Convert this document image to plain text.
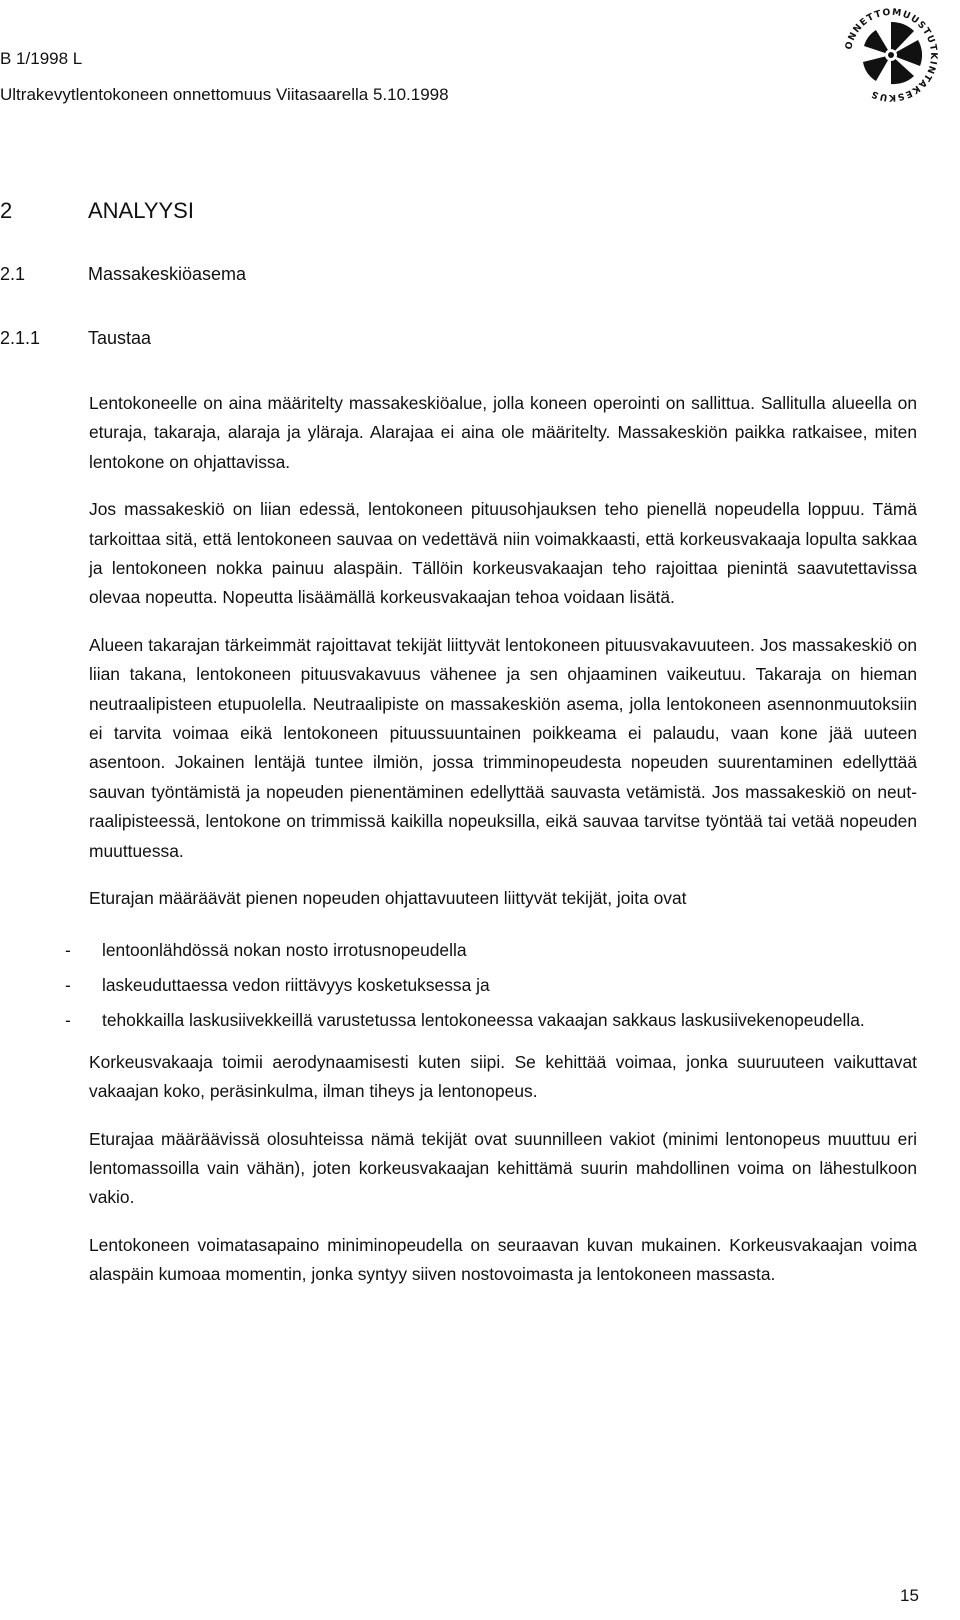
B 1/1998 L
Ultrakevytlentokoneen onnettomuus Viitasaarella 5.10.1998
ONNETTOMUUSTUTKINTAKESKUS
2	ANALYYSI
2.1	Massakeskiöasema
2.1.1	Taustaa

Lentokoneelle on aina määritelty massakeskiöalue, jolla koneen operointi on sallittua. Sallitulla alueella on eturaja, takaraja, alaraja ja yläraja. Alarajaa ei aina ole määritelty. Massakeskiön paikka ratkaisee, miten lentokone on ohjattavissa.

Jos massakeskiö on liian edessä, lentokoneen pituusohjauksen teho pienellä nopeudella loppuu. Tämä tarkoittaa sitä, että lentokoneen sauvaa on vedettävä niin voimakkaasti, että korkeusvakaaja lopulta sakkaa ja lentokoneen nokka painuu alaspäin. Tällöin korkeusvakaajan teho rajoittaa pienintä saavutettavissa olevaa nopeutta. Nopeutta lisäämällä korkeusvakaajan tehoa voidaan lisätä.

Alueen takarajan tärkeimmät rajoittavat tekijät liittyvät lentokoneen pituusvakavuuteen. Jos massakeskiö on liian takana, lentokoneen pituusvakavuus vähenee ja sen ohjaaminen vaikeutuu. Takaraja on hieman neutraalipisteen etupuolella. Neutraalipiste on massakeskiön asema, jolla lentokoneen asennonmuutoksiin ei tarvita voimaa eikä lentokoneen pituussuuntainen poikkeama ei palaudu, vaan kone jää uuteen asentoon. Jokainen lentäjä tuntee ilmiön, jossa trimminopeudesta nopeuden suurentaminen edellyttää sauvan työntämistä ja nopeuden pienentäminen edellyttää sauvasta vetämistä. Jos massakeskiö on neutraalipisteessä, lentokone on trimmissä kaikilla nopeuksilla, eikä sauvaa tarvitse työntää tai vetää nopeuden muuttuessa.

Eturajan määräävät pienen nopeuden ohjattavuuteen liittyvät tekijät, joita ovat

- lentoonlähdössä nokan nosto irrotusnopeudella
- laskeuduttaessa vedon riittävyys kosketuksessa ja
- tehokkailla laskusiivekkeillä varustetussa lentokoneessa vakaajan sakkaus laskusiivekenopeudella.

Korkeusvakaaja toimii aerodynaamisesti kuten siipi. Se kehittää voimaa, jonka suuruuteen vaikuttavat vakaajan koko, peräsinkulma, ilman tiheys ja lentonopeus.

Eturajaa määräävissä olosuhteissa nämä tekijät ovat suunnilleen vakiot (minimi lentonopeus muuttuu eri lentomassoilla vain vähän), joten korkeusvakaajan kehittämä suurin mahdollinen voima on lähestulkoon vakio.

Lentokoneen voimatasapaino miniminopeudella on seuraavan kuvan mukainen. Korkeusvakaajan voima alaspäin kumoaa momentin, jonka syntyy siiven nostovoimasta ja lentokoneen massasta.

15
